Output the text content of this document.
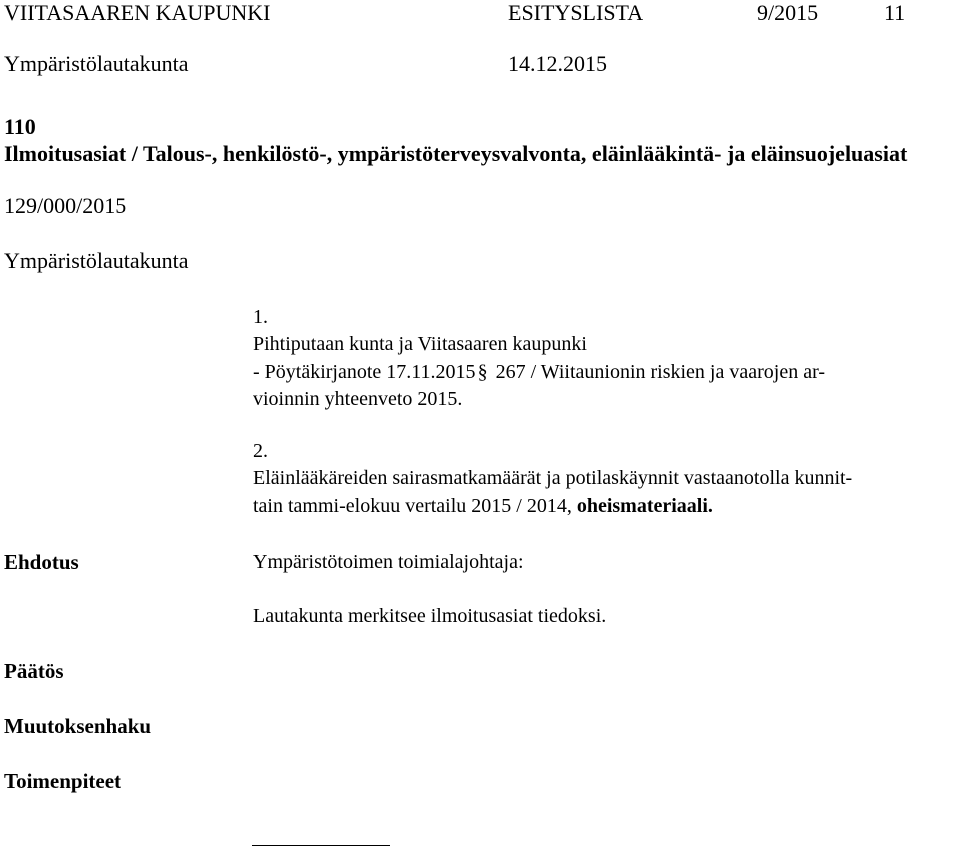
VIITASAAREN KAUPUNKI	ESITYSLISTA	9/2015	11
Ympäristölautakunta	14.12.2015
110
Ilmoitusasiat / Talous-, henkilöstö-, ympäristöterveysvalvonta, eläinlääkintä- ja eläinsuojeluasiat
129/000/2015
Ympäristölautakunta
1.
Pihtiputaan kunta ja Viitasaaren kaupunki
- Pöytäkirjanote 17.11.2015 § 267 / Wiitaunionin riskien ja vaarojen ar-
vioinnin yhteenveto 2015.
2.
Eläinlääkäreiden sairasmatkamäärät ja potilaskäynnit vastaanotolla kunnit-
tain tammi-elokuu vertailu 2015 / 2014, oheismateriaali.
Ehdotus	Ympäristötoimen toimialajohtaja:
Lautakunta merkitsee ilmoitusasiat tiedoksi.
Päätös
Muutoksenhaku
Toimenpiteet
